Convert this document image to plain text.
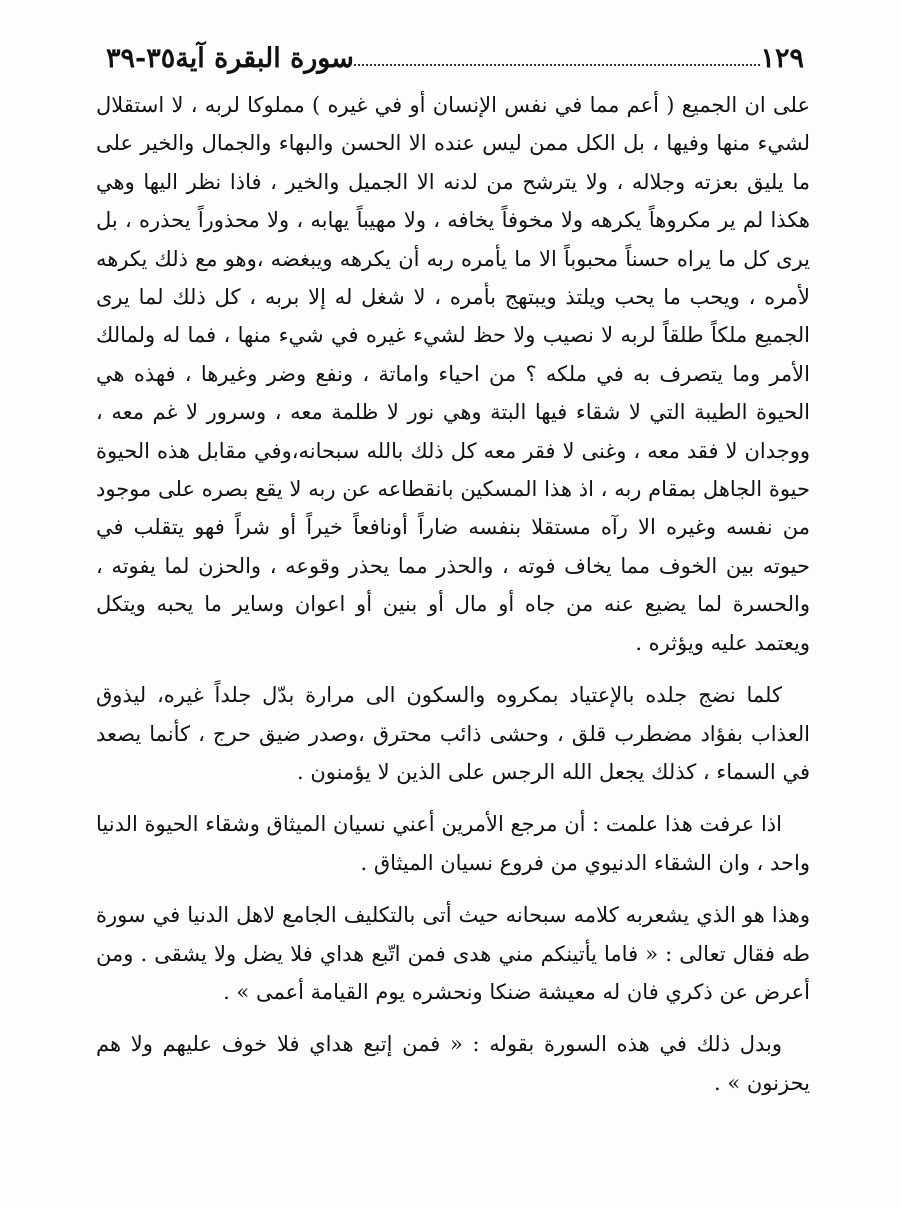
سورة البقرة آية٣٥-٣٩	١٢٩

على ان الجميع ( أعم مما في نفس الإنسان أو في غيره ) مملوكا لربه ، لا استقلال لشيء منها وفيها ، بل الكل ممن ليس عنده الا الحسن والبهاء والجمال والخير على ما يليق بعزته وجلاله ، ولا يترشح من لدنه الا الجميل والخير ، فاذا نظر اليها وهي هكذا لم ير مكروهاً يكرهه ولا مخوفاً يخافه ، ولا مهيباً يهابه ، ولا محذوراً يحذره ، بل يرى كل ما يراه حسناً محبوباً الا ما يأمره ربه أن يكرهه ويبغضه ،وهو مع ذلك يكرهه لأمره ، ويحب ما يحب ويلتذ ويبتهج بأمره ، لا شغل له إلا بربه ، كل ذلك لما يرى الجميع ملكاً طلقاً لربه لا نصيب ولا حظ لشيء غيره في شيء منها ، فما له ولمالك الأمر وما يتصرف به في ملكه ؟ من احياء واماتة ، ونفع وضر وغيرها ، فهذه هي الحيوة الطيبة التي لا شقاء فيها البتة وهي نور لا ظلمة معه ، وسرور لا غم معه ، ووجدان لا فقد معه ، وغنى لا فقر معه كل ذلك بالله سبحانه،وفي مقابل هذه الحيوة حيوة الجاهل بمقام ربه ، اذ هذا المسكين بانقطاعه عن ربه لا يقع بصره على موجود من نفسه وغيره الا رآه مستقلا بنفسه ضاراً أونافعاً خيراً أو شراً فهو يتقلب في حيوته بين الخوف مما يخاف فوته ، والحذر مما يحذر وقوعه ، والحزن لما يفوته ، والحسرة لما يضيع عنه من جاه أو مال أو بنين أو اعوان وساير ما يحبه ويتكل ويعتمد عليه ويؤثره .

كلما نضج جلده بالإعتياد بمكروه والسكون الى مرارة بدّل جلداً غيره، ليذوق العذاب بفؤاد مضطرب قلق ، وحشى ذائب محترق ،وصدر ضيق حرج ، كأنما يصعد في السماء ، كذلك يجعل الله الرجس على الذين لا يؤمنون .

اذا عرفت هذا علمت : أن مرجع الأمرين أعني نسيان الميثاق وشقاء الحيوة الدنيا واحد ، وان الشقاء الدنيوي من فروع نسيان الميثاق .

وهذا هو الذي يشعربه كلامه سبحانه حيث أتى بالتكليف الجامع لاهل الدنيا في سورة طه فقال تعالى : « فاما يأتينكم مني هدى فمن اتّبع هداي فلا يضل ولا يشقى . ومن أعرض عن ذكري فان له معيشة ضنكا ونحشره يوم القيامة أعمى » .

وبدل ذلك في هذه السورة بقوله : « فمن إتبع هداي فلا خوف عليهم ولا هم يحزنون » .
